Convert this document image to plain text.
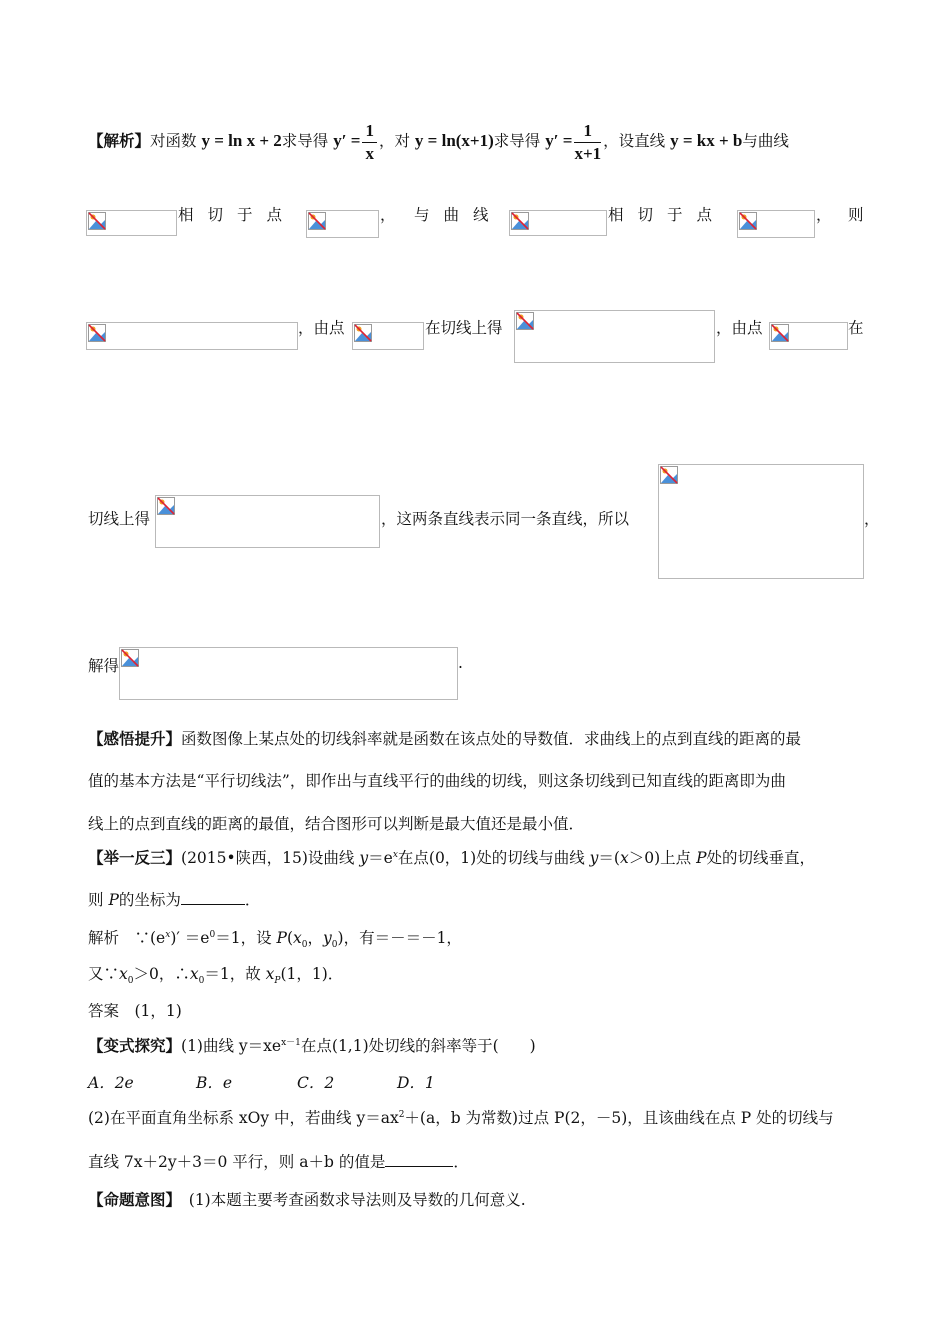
【解析】对函数 y = ln x + 2求导得 $y' = \frac{1}{x}$ ，对 y = ln(x+1)求导得 $y' = \frac{1}{x+1}$ ，设直线 y = kx + b与曲线
相切于点	， 与曲线	相切于点	， 则
，由点	在切线上得	，由点	在
切线上得	，这两条直线表示同一条直线，所以	，
解得	.
【感悟提升】函数图像上某点处的切线斜率就是函数在该点处的导数值．求曲线上的点到直线的距离的最
值的基本方法是“平行切线法”，即作出与直线平行的曲线的切线，则这条切线到已知直线的距离即为曲
线上的点到直线的距离的最值，结合图形可以判断是最大值还是最小值．
【举一反三】(2015•陕西，15)设曲线 $y=e^x$在点(0，1)处的切线与曲线 y＝(x＞0)上点 P处的切线垂直，
则 P的坐标为	．
解析　$\because(e^x)' =e^0=1$，设 $P(x_0$，$y_0$)，有＝－＝－1，
又$\because x_0>0$，$\therefore x_0=1$，故 $x_P(1$，1)．
答案　(1，1)
【变式探究】(1)曲线 $y=xe^{x-1}$在点(1,1)处切线的斜率等于(　　)
A．2e	B．e	C．2	D．1
(2)在平面直角坐标系 xOy 中，若曲线 $y=ax^2+(a$，b 为常数)过点 P(2，－5)，且该曲线在点 P 处的切线与
直线 7x＋2y＋3＝0 平行，则 a＋b 的值是	．
【命题意图】　(1)本题主要考查函数求导法则及导数的几何意义.
